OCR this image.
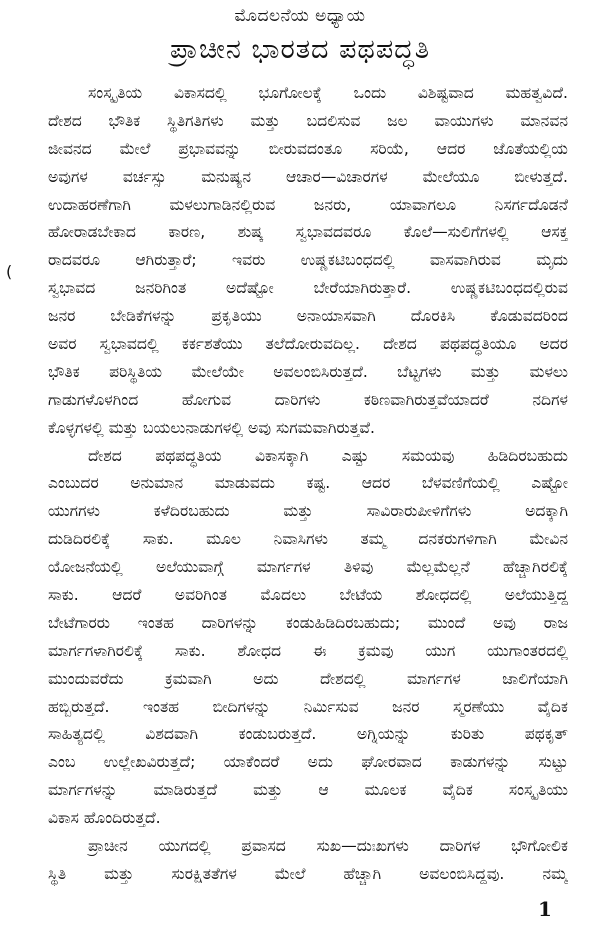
ಮೊದಲನೆಯ ಅಧ್ಯಾಯ
ಪ್ರಾಚೀನ ಭಾರತದ ಪಥಪದ್ಧತಿ
(
ಸಂಸ್ಕೃತಿಯ ವಿಕಾಸದಲ್ಲಿ ಭೂಗೋಲಕ್ಕೆ ಒಂದು ವಿಶಿಷ್ಟವಾದ ಮಹತ್ವವಿದೆ.
ದೇಶದ ಭೌತಿಕ ಸ್ಥಿತಿಗತಿಗಳು ಮತ್ತು ಬದಲಿಸುವ ಜಲ ವಾಯುಗಳು ಮಾನವನ
ಜೀವನದ ಮೇಲೆ ಪ್ರಭಾವವನ್ನು ಬೀರುವದಂತೂ ಸರಿಯೆ, ಆದರ ಜೊತೆಯಲ್ಲಿಯ
ಅವುಗಳ ವರ್ಚಸ್ಸು ಮನುಷ್ಯನ ಆಚಾರ—ವಿಚಾರಗಳ ಮೇಲೆಯೂ ಬೀಳುತ್ತದೆ.
ಉದಾಹರಣೆಗಾಗಿ ಮಳಲುಗಾಡಿನಲ್ಲಿರುವ ಜನರು, ಯಾವಾಗಲೂ ನಿಸರ್ಗದೊಡನೆ
ಹೋರಾಡಬೇಕಾದ ಕಾರಣ, ಶುಷ್ಕ ಸ್ವಭಾವದವರೂ ಕೊಲೆ—ಸುಲಿಗೆಗಳಲ್ಲಿ ಆಸಕ್ತ
ರಾದವರೂ ಆಗಿರುತ್ತಾರೆ; ಇವರು ಉಷ್ಣಕಟಿಬಂಧದಲ್ಲಿ ವಾಸವಾಗಿರುವ ಮೃದು
ಸ್ವಭಾವದ ಜನರಿಗಿಂತ ಅದೆಷ್ಟೋ ಬೇರೆಯಾಗಿರುತ್ತಾರೆ. ಉಷ್ಣಕಟಿಬಂಧದಲ್ಲಿರುವ
ಜನರ ಬೇಡಿಕೆಗಳನ್ನು ಪ್ರಕೃತಿಯು ಅನಾಯಾಸವಾಗಿ ದೊರಕಿಸಿ ಕೊಡುವದರಿಂದ
ಅವರ ಸ್ವಭಾವದಲ್ಲಿ ಕರ್ಕಶತೆಯು ತಲೆದೋರುವದಿಲ್ಲ. ದೇಶದ ಪಥಪದ್ಧತಿಯೂ ಅದರ
ಭೌತಿಕ ಪರಿಸ್ಥಿತಿಯ ಮೇಲೆಯೇ ಅವಲಂಬಿಸಿರುತ್ತದೆ. ಬೆಟ್ಟಗಳು ಮತ್ತು ಮಳಲು
ಗಾಡುಗಳೊಳಗಿಂದ ಹೋಗುವ ದಾರಿಗಳು ಕಠಿಣವಾಗಿರುತ್ತವೆಯಾದರೆ ನದಿಗಳ
ಕೊಳ್ಳಗಳಲ್ಲಿ ಮತ್ತು ಬಯಲುನಾಡುಗಳಲ್ಲಿ ಅವು ಸುಗಮವಾಗಿರುತ್ತವೆ.
ದೇಶದ ಪಥಪದ್ಧತಿಯ ವಿಕಾಸಕ್ಕಾಗಿ ಎಷ್ಟು ಸಮಯವು ಹಿಡಿದಿರಬಹುದು
ಎಂಬುದರ ಅನುಮಾನ ಮಾಡುವದು ಕಷ್ಟ. ಆದರ ಬೆಳವಣಿಗೆಯಲ್ಲಿ ಎಷ್ಟೋ
ಯುಗಗಳು ಕಳೆದಿರಬಹುದು ಮತ್ತು ಸಾವಿರಾರುಪೀಳಿಗೆಗಳು ಅದಕ್ಕಾಗಿ
ದುಡಿದಿರಲಿಕ್ಕೆ ಸಾಕು. ಮೂಲ ನಿವಾಸಿಗಳು ತಮ್ಮ ದನಕರುಗಳಿಗಾಗಿ ಮೇವಿನ
ಯೋಜನೆಯಲ್ಲಿ ಅಲೆಯುವಾಗ್ಗೆ ಮಾರ್ಗಗಳ ತಿಳಿವು ಮೆಲ್ಲಮೆಲ್ಲನೆ ಹೆಚ್ಚಾಗಿರಲಿಕ್ಕೆ
ಸಾಕು. ಆದರೆ ಅವರಿಗಿಂತ ಮೊದಲು ಬೇಟೆಯ ಶೋಧದಲ್ಲಿ ಅಲೆಯುತ್ತಿದ್ದ
ಬೇಟೆಗಾರರು ಇಂತಹ ದಾರಿಗಳನ್ನು ಕಂಡುಹಿಡಿದಿರಬಹುದು; ಮುಂದೆ ಅವು ರಾಜ
ಮಾರ್ಗಗಳಾಗಿರಲಿಕ್ಕೆ ಸಾಕು. ಶೋಧದ ಈ ಕ್ರಮವು ಯುಗ ಯುಗಾಂತರದಲ್ಲಿ
ಮುಂದುವರೆದು ಕ್ರಮವಾಗಿ ಅದು ದೇಶದಲ್ಲಿ ಮಾರ್ಗಗಳ ಜಾಲಿಗೆಯಾಗಿ
ಹಬ್ಬಿರುತ್ತದೆ. ಇಂತಹ ಬೀದಿಗಳನ್ನು ನಿರ್ಮಿಸುವ ಜನರ ಸ್ಮರಣೆಯು ವೈದಿಕ
ಸಾಹಿತ್ಯದಲ್ಲಿ ವಿಶದವಾಗಿ ಕಂಡುಬರುತ್ತದೆ. ಅಗ್ನಿಯನ್ನು ಕುರಿತು ಪಥಕೃತ್
ಎಂಬ ಉಲ್ಲೇಖವಿರುತ್ತದೆ; ಯಾಕೆಂದರೆ ಅದು ಘೋರವಾದ ಕಾಡುಗಳನ್ನು ಸುಟ್ಟು
ಮಾರ್ಗಗಳನ್ನು ಮಾಡಿರುತ್ತದೆ ಮತ್ತು ಆ ಮೂಲಕ ವೈದಿಕ ಸಂಸ್ಕೃತಿಯು
ವಿಕಾಸ ಹೊಂದಿರುತ್ತದೆ.
ಪ್ರಾಚೀನ ಯುಗದಲ್ಲಿ ಪ್ರವಾಸದ ಸುಖ—ದುಃಖಗಳು ದಾರಿಗಳ ಭೌಗೋಲಿಕ
ಸ್ಥಿತಿ ಮತ್ತು ಸುರಕ್ಷಿತತೆಗಳ ಮೇಲೆ ಹೆಚ್ಚಾಗಿ ಅವಲಂಬಿಸಿದ್ದವು. ನಮ್ಮ
1
